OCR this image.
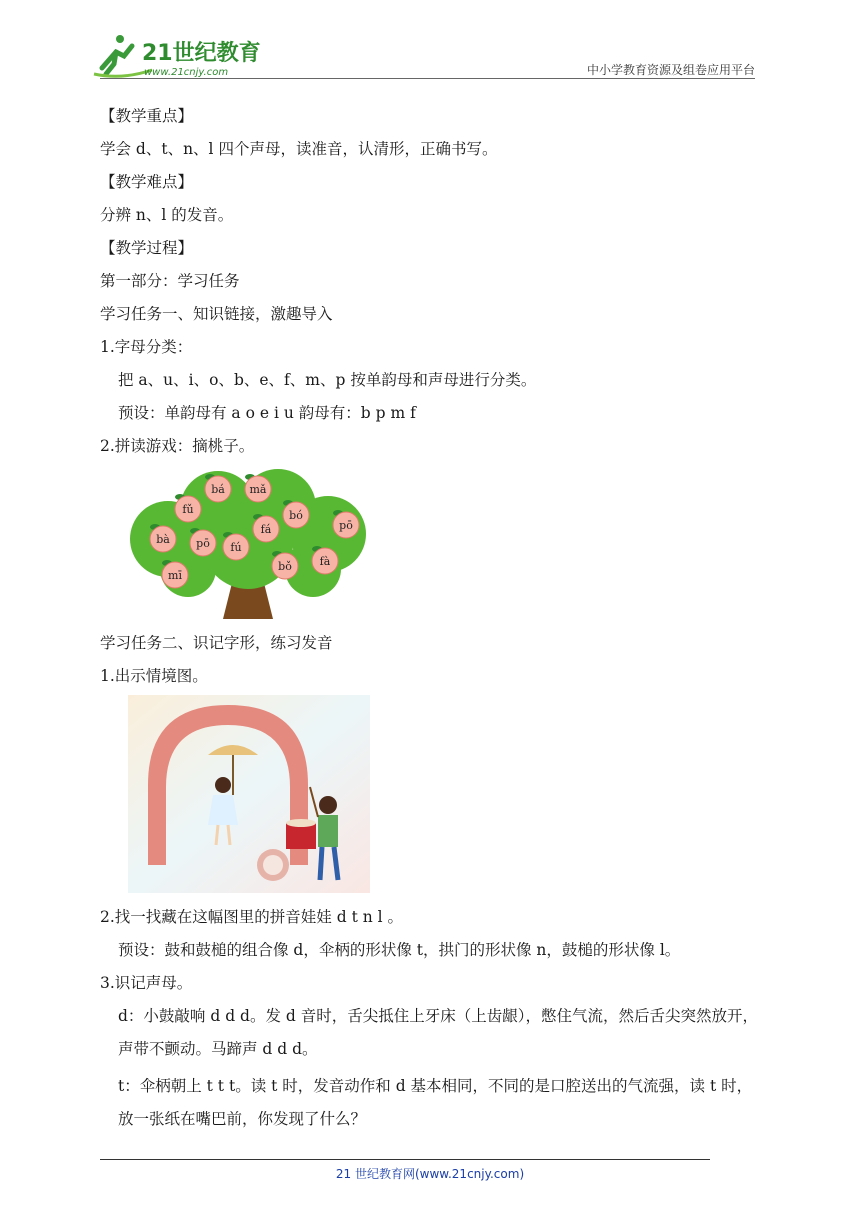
21世纪教育
www.21cnjy.com	中小学教育资源及组卷应用平台
【教学重点】
学会 d、t、n、l 四个声母，读准音，认清形，正确书写。
【教学难点】
分辨 n、l 的发音。
【教学过程】
第一部分：学习任务
学习任务一、知识链接，激趣导入
1.字母分类：
把 a、u、i、o、b、e、f、m、p 按单韵母和声母进行分类。
预设：单韵母有 a o e i u 韵母有：b p m f
2.拼读游戏：摘桃子。
bá mǎ
fǔ	bó
pō
bà pō fú
fá
fà
bǒ
mī
学习任务二、识记字形，练习发音
1.出示情境图。
2.找一找藏在这幅图里的拼音娃娃 d t n l 。
预设：鼓和鼓槌的组合像 d，伞柄的形状像 t，拱门的形状像 n，鼓槌的形状像 l。
3.识记声母。
d：小鼓敲响 d d d。发 d 音时，舌尖抵住上牙床（上齿龈），憋住气流，然后舌尖突然放开，声带不颤动。马蹄声 d d d。
t：伞柄朝上 t t t。读 t 时，发音动作和 d 基本相同，不同的是口腔送出的气流强，读 t 时，放一张纸在嘴巴前，你发现了什么？
21 世纪教育网(www.21cnjy.com)
